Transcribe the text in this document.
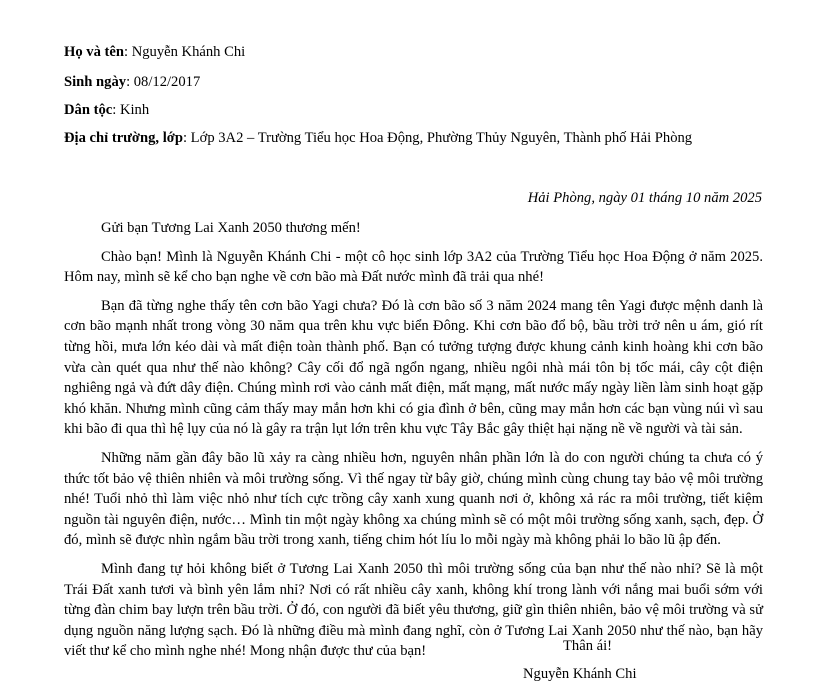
Họ và tên: Nguyễn Khánh Chi
Sinh ngày: 08/12/2017
Dân tộc: Kinh
Địa chỉ trường, lớp: Lớp 3A2 – Trường Tiểu học Hoa Động, Phường Thủy Nguyên, Thành phố Hải Phòng
Hải Phòng, ngày 01 tháng 10 năm 2025

Gửi bạn Tương Lai Xanh 2050 thương mến!

Chào bạn! Mình là Nguyễn Khánh Chi - một cô học sinh lớp 3A2 của Trường Tiểu học Hoa Động ở năm 2025. Hôm nay, mình sẽ kể cho bạn nghe về cơn bão mà Đất nước mình đã trải qua nhé!

Bạn đã từng nghe thấy tên cơn bão Yagi chưa? Đó là cơn bão số 3 năm 2024 mang tên Yagi được mệnh danh là cơn bão mạnh nhất trong vòng 30 năm qua trên khu vực biển Đông. Khi cơn bão đổ bộ, bầu trời trở nên u ám, gió rít từng hồi, mưa lớn kéo dài và mất điện toàn thành phố. Bạn có tưởng tượng được khung cảnh kinh hoàng khi cơn bão vừa càn quét qua như thế nào không? Cây cối đổ ngã ngổn ngang, nhiều ngôi nhà mái tôn bị tốc mái, cây cột điện nghiêng ngả và đứt dây điện. Chúng mình rơi vào cảnh mất điện, mất mạng, mất nước mấy ngày liền làm sinh hoạt gặp khó khăn. Nhưng mình cũng cảm thấy may mắn hơn khi có gia đình ở bên, cũng may mắn hơn các bạn vùng núi vì sau khi bão đi qua thì hệ lụy của nó là gây ra trận lụt lớn trên khu vực Tây Bắc gây thiệt hại nặng nề về người và tài sản.

Những năm gần đây bão lũ xảy ra càng nhiều hơn, nguyên nhân phần lớn là do con người chúng ta chưa có ý thức tốt bảo vệ thiên nhiên và môi trường sống. Vì thế ngay từ bây giờ, chúng mình cùng chung tay bảo vệ môi trường nhé! Tuổi nhỏ thì làm việc nhỏ như tích cực trồng cây xanh xung quanh nơi ở, không xả rác ra môi trường, tiết kiệm nguồn tài nguyên điện, nước… Mình tin một ngày không xa chúng mình sẽ có một môi trường sống xanh, sạch, đẹp. Ở đó, mình sẽ được nhìn ngắm bầu trời trong xanh, tiếng chim hót líu lo mỗi ngày mà không phải lo bão lũ ập đến.

Mình đang tự hỏi không biết ở Tương Lai Xanh 2050 thì môi trường sống của bạn như thế nào nhỉ? Sẽ là một Trái Đất xanh tươi và bình yên lắm nhỉ? Nơi có rất nhiều cây xanh, không khí trong lành với nắng mai buổi sớm với từng đàn chim bay lượn trên bầu trời. Ở đó, con người đã biết yêu thương, giữ gìn thiên nhiên, bảo vệ môi trường và sử dụng nguồn năng lượng sạch. Đó là những điều mà mình đang nghĩ, còn ở Tương Lai Xanh 2050 như thế nào, bạn hãy viết thư kể cho mình nghe nhé! Mong nhận được thư của bạn!	Thân ái!
Nguyễn Khánh Chi
